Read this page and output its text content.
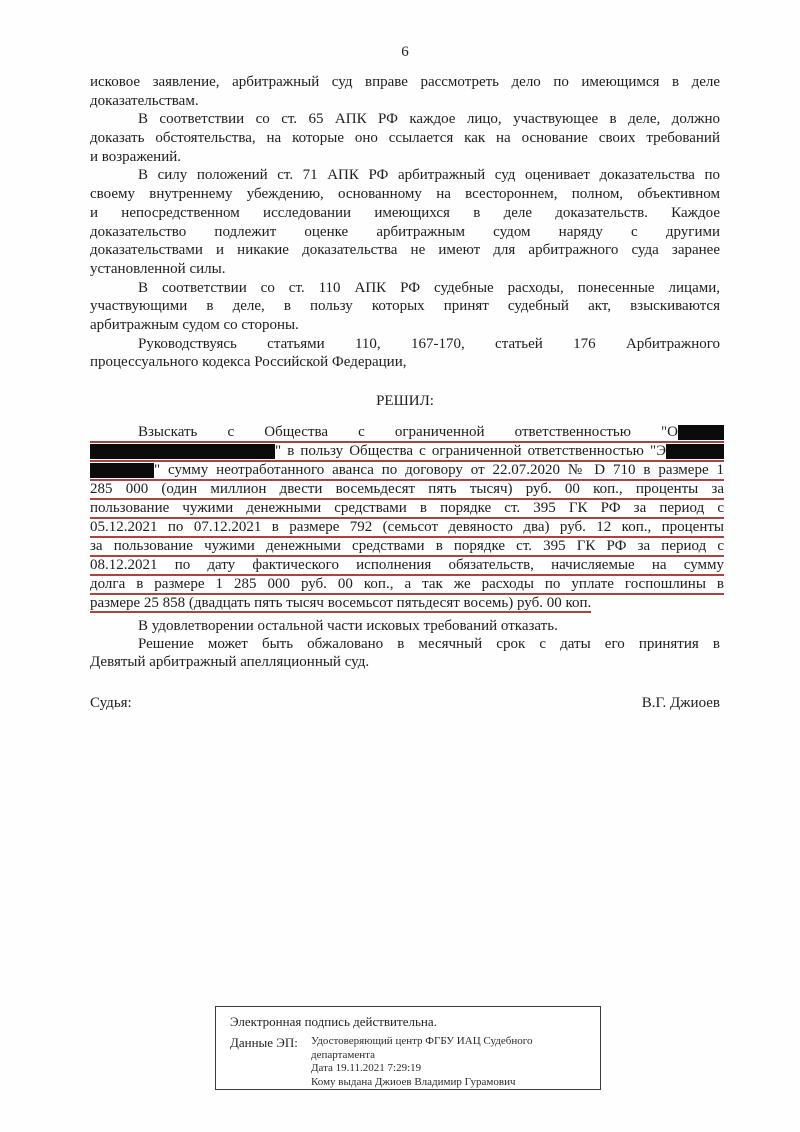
6
исковое заявление, арбитражный суд вправе рассмотреть дело по имеющимся в деле
доказательствам.
В соответствии со ст. 65 АПК РФ каждое лицо, участвующее в деле, должно
доказать обстоятельства, на которые оно ссылается как на основание своих требований
и возражений.
В силу положений ст. 71 АПК РФ арбитражный суд оценивает доказательства по
своему внутреннему убеждению, основанному на всестороннем, полном, объективном
и непосредственном исследовании имеющихся в деле доказательств. Каждое
доказательство подлежит оценке арбитражным судом наряду с другими
доказательствами и никакие доказательства не имеют для арбитражного суда заранее
установленной силы.
В соответствии со ст. 110 АПК РФ судебные расходы, понесенные лицами,
участвующими в деле, в пользу которых принят судебный акт, взыскиваются
арбитражным судом со стороны.
Руководствуясь статьями 110, 167-170, статьей 176 Арбитражного
процессуального кодекса Российской Федерации,
РЕШИЛ:
Взыскать с Общества с ограниченной ответственностью "О
" в пользу Общества с ограниченной ответственностью "Э
" сумму неотработанного аванса по договору от 22.07.2020 № D 710 в размере 1
285 000 (один миллион двести восемьдесят пять тысяч) руб. 00 коп., проценты за
пользование чужими денежными средствами в порядке ст. 395 ГК РФ за период с
05.12.2021 по 07.12.2021 в размере 792 (семьсот девяносто два) руб. 12 коп., проценты
за пользование чужими денежными средствами в порядке ст. 395 ГК РФ за период с
08.12.2021 по дату фактического исполнения обязательств, начисляемые на сумму
долга в размере 1 285 000 руб. 00 коп., а так же расходы по уплате госпошлины в
размере 25 858 (двадцать пять тысяч восемьсот пятьдесят восемь) руб. 00 коп.
В удовлетворении остальной части исковых требований отказать.
Решение может быть обжаловано в месячный срок с даты его принятия в
Девятый арбитражный апелляционный суд.
Судья:	В.Г. Джиоев
Электронная подпись действительна.
Данные ЭП:	Удостоверяющий центр ФГБУ ИАЦ Судебного департамента
Дата 19.11.2021 7:29:19
Кому выдана Джиоев Владимир Гурамович
